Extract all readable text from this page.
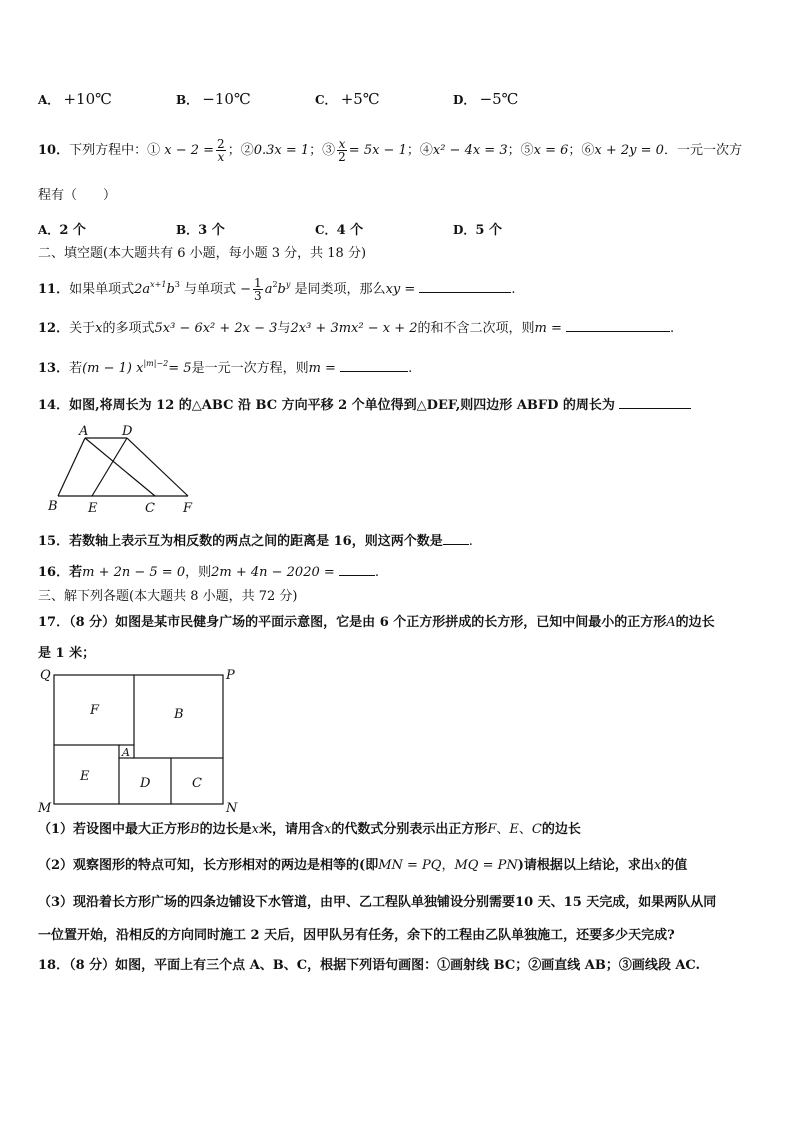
A． +10℃	B． −10℃	C． +5℃	D． −5℃
10．下列方程中：① $x - 2 = \frac{2}{x}$ ；②0.3x = 1；③ $\frac{x}{2} = 5x - 1$；④x² − 4x = 3；⑤x = 6；⑥x + 2y = 0．一元一次方
程有（　　）
A．2 个	B．3 个	C．4 个	D．5 个
二、填空题(本大题共有 6 小题，每小题 3 分，共 18 分)
11．如果单项式$2a^{x+1}b^3$ 与单项式 − $\frac{1}{3} a^2b^y$ 是同类项，那么xy =	.
12．关于x的多项式5x³ − 6x² + 2x − 3与2x³ + 3mx² − x + 2的和不含二次项，则m =	.
13．若(m − 1) $x^{|m|-2}= 5$是一元一次方程，则m =	.
14．如图,将周长为 12 的△ABC 沿 BC 方向平移 2 个单位得到△DEF,则四边形 ABFD 的周长为
A	D
B E	C F
15．若数轴上表示互为相反数的两点之间的距离是 16，则这两个数是 .
16．若m + 2n − 5 = 0，则2m + 4n − 2020 =	.
三、解下列各题(本大题共 8 小题，共 72 分)
17．（8 分）如图是某市民健身广场的平面示意图，它是由 6 个正方形拼成的长方形，已知中间最小的正方形A的边长
是 1 米；
Q	P
M	N
F	B
A
E	D	C
（1）若设图中最大正方形B的边长是x米，请用含x的代数式分别表示出正方形F、E、C的边长
（2）观察图形的特点可知，长方形相对的两边是相等的(即MN = PQ，MQ = PN)请根据以上结论，求出x的值
（3）现沿着长方形广场的四条边铺设下水管道，由甲、乙工程队单独铺设分别需要10 天、15 天完成，如果两队从同
一位置开始，沿相反的方向同时施工 2 天后，因甲队另有任务，余下的工程由乙队单独施工，还要多少天完成?
18．（8 分）如图，平面上有三个点 A、B、C，根据下列语句画图：①画射线 BC；②画直线 AB；③画线段 AC.
